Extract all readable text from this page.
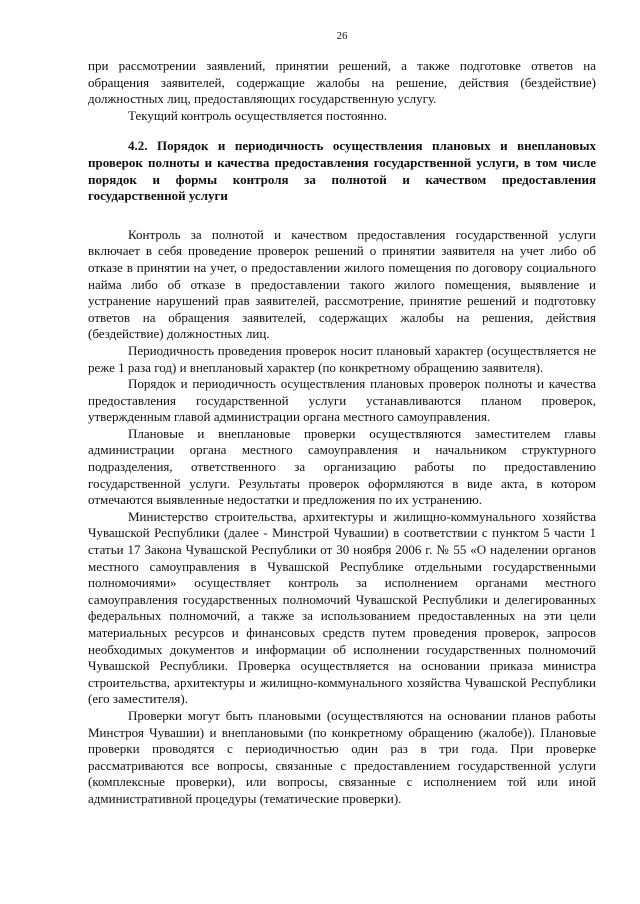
26

при рассмотрении заявлений, принятии решений, а также подготовке ответов на обращения заявителей, содержащие жалобы на решение, действия (бездействие) должностных лиц, предоставляющих государственную услугу.

Текущий контроль осуществляется постоянно.

4.2. Порядок и периодичность осуществления плановых и внеплановых проверок полноты и качества предоставления государственной услуги, в том числе порядок и формы контроля за полнотой и качеством предоставления государственной услуги

Контроль за полнотой и качеством предоставления государственной услуги включает в себя проведение проверок решений о принятии заявителя на учет либо об отказе в принятии на учет, о предоставлении жилого помещения по договору социального найма либо об отказе в предоставлении такого жилого помещения, выявление и устранение нарушений прав заявителей, рассмотрение, принятие решений и подготовку ответов на обращения заявителей, содержащих жалобы на решения, действия (бездействие) должностных лиц.

Периодичность проведения проверок носит плановый характер (осуществляется не реже 1 раза год) и внеплановый характер (по конкретному обращению заявителя).

Порядок и периодичность осуществления плановых проверок полноты и качества предоставления государственной услуги устанавливаются планом проверок, утвержденным главой администрации органа местного самоуправления.

Плановые и внеплановые проверки осуществляются заместителем главы администрации органа местного самоуправления и начальником структурного подразделения, ответственного за организацию работы по предоставлению государственной услуги. Результаты проверок оформляются в виде акта, в котором отмечаются выявленные недостатки и предложения по их устранению.

Министерство строительства, архитектуры и жилищно-коммунального хозяйства Чувашской Республики (далее - Минстрой Чувашии) в соответствии с пунктом 5 части 1 статьи 17 Закона Чувашской Республики от 30 ноября 2006 г. № 55 «О наделении органов местного самоуправления в Чувашской Республике отдельными государственными полномочиями» осуществляет контроль за исполнением органами местного самоуправления государственных полномочий Чувашской Республики и делегированных федеральных полномочий, а также за использованием предоставленных на эти цели материальных ресурсов и финансовых средств путем проведения проверок, запросов необходимых документов и информации об исполнении государственных полномочий Чувашской Республики. Проверка осуществляется на основании приказа министра строительства, архитектуры и жилищно-коммунального хозяйства Чувашской Республики (его заместителя).

Проверки могут быть плановыми (осуществляются на основании планов работы Минстроя Чувашии) и внеплановыми (по конкретному обращению (жалобе)). Плановые проверки проводятся с периодичностью один раз в три года. При проверке рассматриваются все вопросы, связанные с предоставлением государственной услуги (комплексные проверки), или вопросы, связанные с исполнением той или иной административной процедуры (тематические проверки).
